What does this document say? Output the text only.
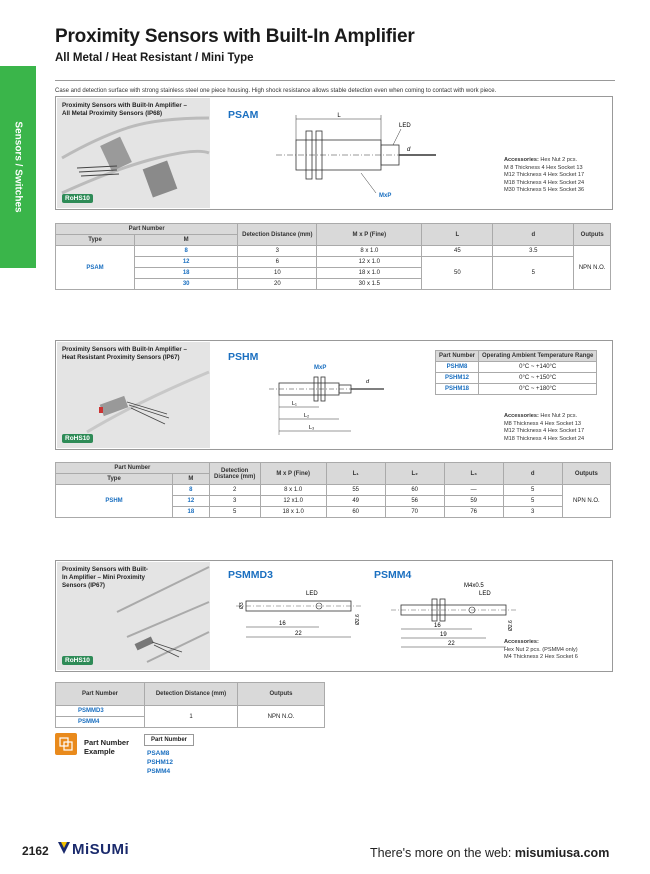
Proximity Sensors with Built-In Amplifier
All Metal / Heat Resistant / Mini Type
Sensors / Switches
Case and detection surface with strong stainless steel one piece housing. High shock resistance allows stable detection even when coming to contact with work piece.
Proximity Sensors with Built-In Amplifier –
All Metal Proximity Sensors (IP68)
RoHS10
PSAM	L
LED
d
MxP
Accessories: Hex Nut 2 pcs.
M 8 Thickness 4 Hex Socket 13
M12 Thickness 4 Hex Socket 17
M18 Thickness 4 Hex Socket 24
M30 Thickness 5 Hex Socket 36
Part Number		Detection Distance (mm)	M x P (Fine)	L	d	Outputs
Type	M					
PSAM	8	3	8 x 1.0	45	3.5	NPN N.O.
	12	6	12 x 1.0	50	5	
	18	10	18 x 1.0			
	30	20	30 x 1.5			
Proximity Sensors with Built-In Amplifier –
Heat Resistant Proximity Sensors (IP67)
RoHS10
PSHM
MxP
d
L₁
L₂
L₃
Part Number	Operating Ambient Temperature Range
PSHM8	0°C ~ +140°C
PSHM12	0°C ~ +150°C
PSHM18	0°C ~ +180°C
Accessories: Hex Nut 2 pcs.
M8 Thickness 4 Hex Socket 13
M12 Thickness 4 Hex Socket 17
M18 Thickness 4 Hex Socket 24
Part Number		Detection Distance (mm)	M x P (Fine)	L₁	L₂	L₃	d	Outputs
Type	M							
PSHM	8	2	8 x 1.0	55	60	—	5	NPN N.O.
	12	3	12 x1.0	49	56	59	5	
	18	5	18 x 1.0	60	70	76	3	
Proximity Sensors with Built-
In Amplifier – Mini Proximity
Sensors (IP67)
RoHS10
PSMMD3	PSMM4
LED
Ø3
Ø2.6
16
22
M4x0.5
LED
Ø2.6
16
19
22	Accessories:
Hex Nut 2 pcs. (PSMM4 only)
M4 Thickness 2 Hex Socket 6
Part Number	Detection Distance (mm)	Outputs
PSMMD3	1	NPN N.O.
PSMM4		
Part Number
Example
Part Number
PSAM8
PSHM12
PSMM4
2162 MiSUMi	There's more on the web: misumiusa.com
